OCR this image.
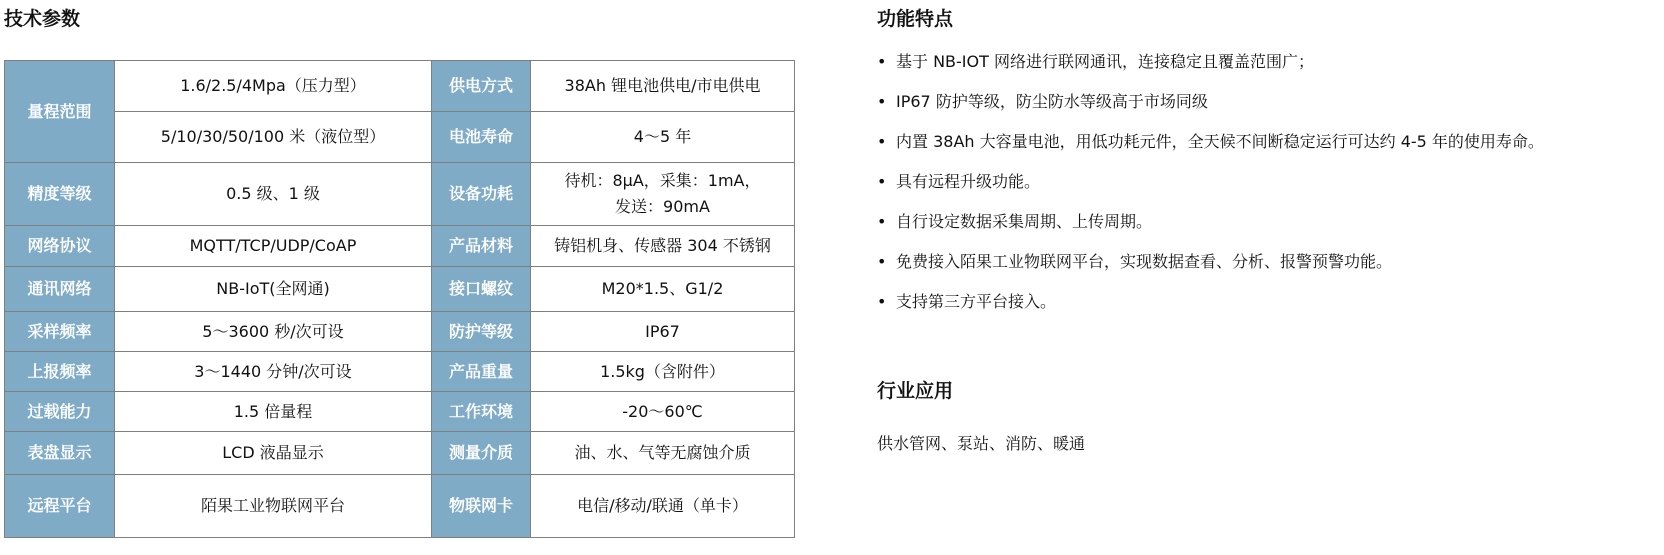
技术参数
量程范围	1.6/2.5/4Mpa（压力型）	供电方式	38Ah 锂电池供电/市电供电
	5/10/30/50/100 米（液位型）	电池寿命	4～5 年
精度等级	0.5 级、1 级	设备功耗	待机：8μA，采集：1mA，
发送：90mA

网络协议	MQTT/TCP/UDP/CoAP	产品材料	铸铝机身、传感器 304 不锈钢
通讯网络	NB-IoT(全网通)	接口螺纹	M20*1.5、G1/2
采样频率	5～3600 秒/次可设	防护等级	IP67
上报频率	3～1440 分钟/次可设	产品重量	1.5kg（含附件）
过载能力	1.5 倍量程	工作环境	-20～60℃
表盘显示	LCD 液晶显示	测量介质	油、水、气等无腐蚀介质
远程平台	陌果工业物联网平台	物联网卡	电信/移动/联通（单卡）
功能特点
• 基于 NB-IOT 网络进行联网通讯，连接稳定且覆盖范围广；
• IP67 防护等级，防尘防水等级高于市场同级
• 内置 38Ah 大容量电池，用低功耗元件，全天候不间断稳定运行可达约 4-5 年的使用寿命。
• 具有远程升级功能。
• 自行设定数据采集周期、上传周期。
• 免费接入陌果工业物联网平台，实现数据查看、分析、报警预警功能。
• 支持第三方平台接入。
行业应用

供水管网、泵站、消防、暖通
